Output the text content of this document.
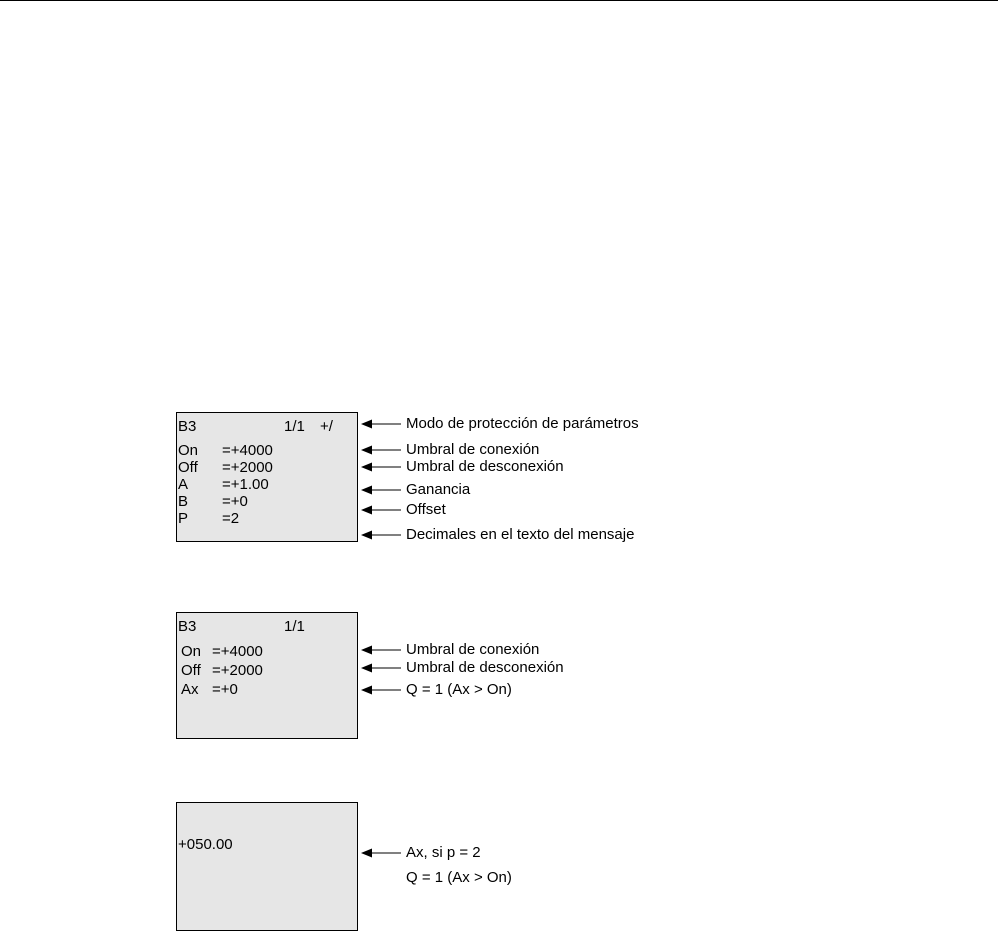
B3	1/1 +/
On =+4000
Off =+2000
A =+1.00
B =+0
P =2
Modo de protección de parámetros
Umbral de conexión
Umbral de desconexión
Ganancia
Offset
Decimales en el texto del mensaje
B3	1/1
On =+4000
Off =+2000
Ax =+0
Umbral de conexión
Umbral de desconexión
Q = 1 (Ax > On)
+050.00	Ax, si p = 2
Q = 1 (Ax > On)
